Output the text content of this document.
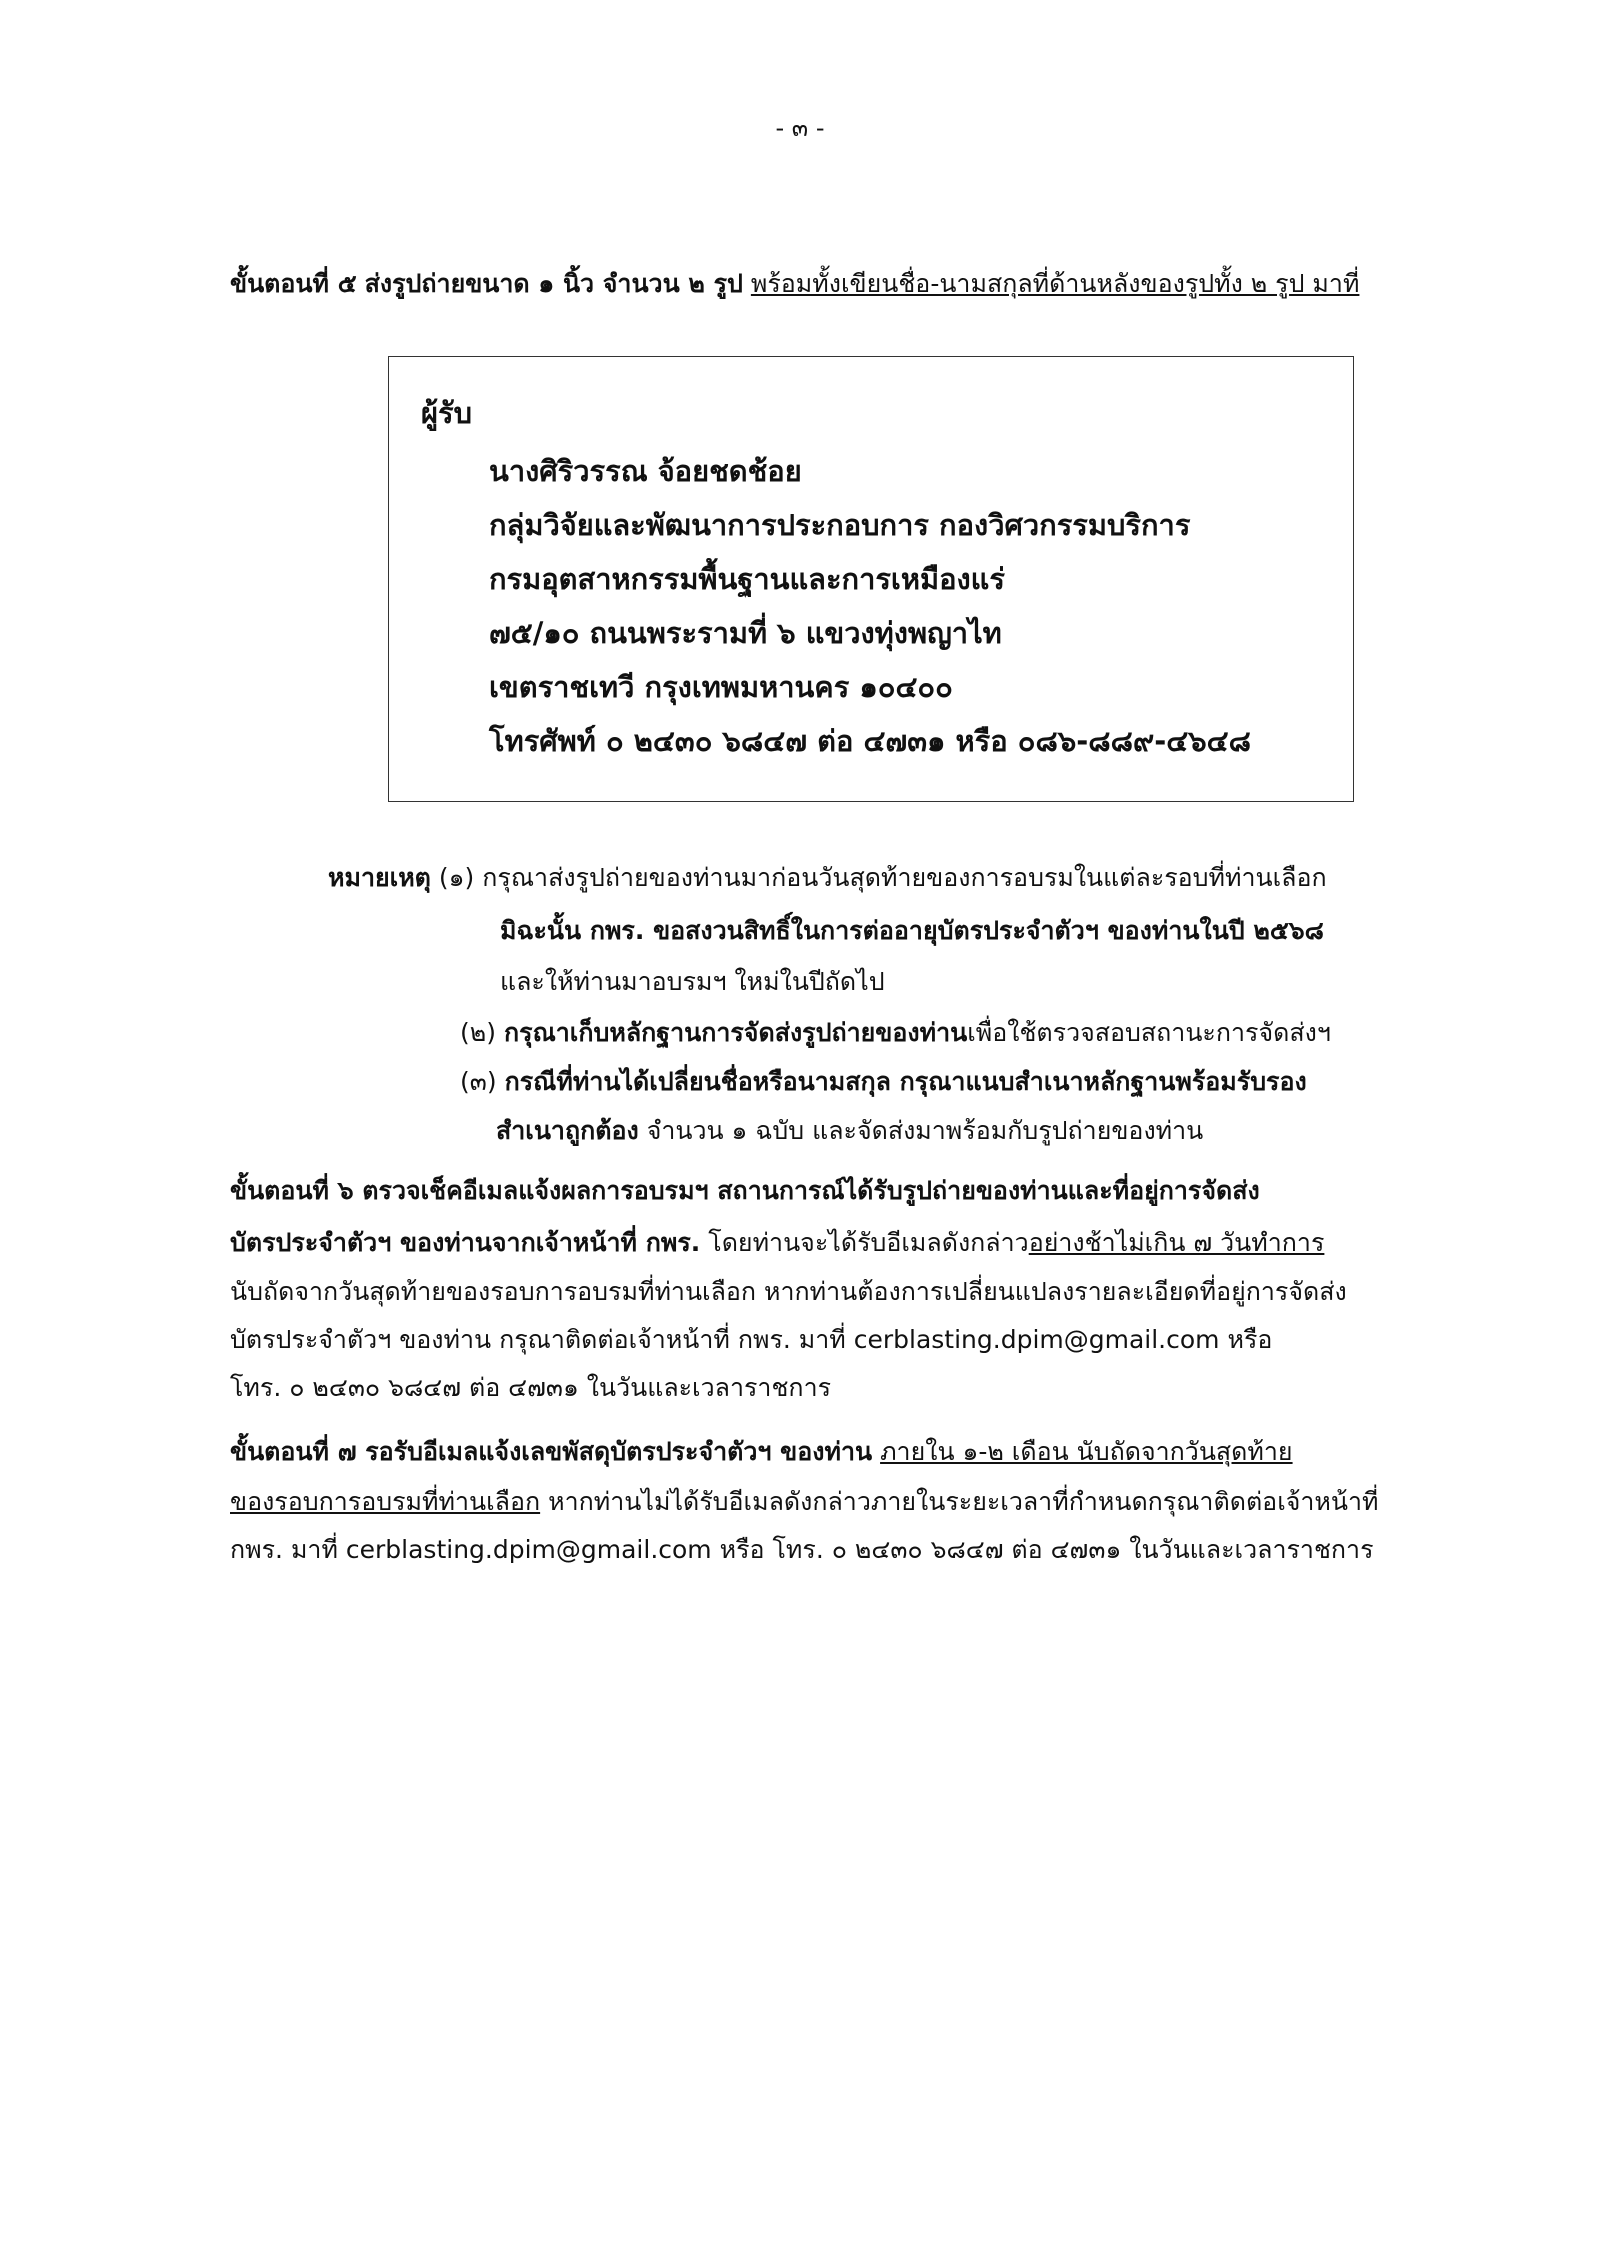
- ๓ -
ขั้นตอนที่ ๕ ส่งรูปถ่ายขนาด ๑ นิ้ว จำนวน ๒ รูป พร้อมทั้งเขียนชื่อ-นามสกุลที่ด้านหลังของรูปทั้ง ๒ รูป มาที่
ผู้รับ
นางศิริวรรณ จ้อยชดช้อย
กลุ่มวิจัยและพัฒนาการประกอบการ กองวิศวกรรมบริการ
กรมอุตสาหกรรมพื้นฐานและการเหมืองแร่
๗๕/๑๐ ถนนพระรามที่ ๖ แขวงทุ่งพญาไท
เขตราชเทวี กรุงเทพมหานคร ๑๐๔๐๐
โทรศัพท์ ๐ ๒๔๓๐ ๖๘๔๗ ต่อ ๔๗๓๑ หรือ ๐๘๖-๘๘๙-๔๖๔๘
หมายเหตุ (๑) กรุณาส่งรูปถ่ายของท่านมาก่อนวันสุดท้ายของการอบรมในแต่ละรอบที่ท่านเลือก
มิฉะนั้น กพร. ขอสงวนสิทธิ์ในการต่ออายุบัตรประจำตัวฯ ของท่านในปี ๒๕๖๘
และให้ท่านมาอบรมฯ ใหม่ในปีถัดไป
(๒) กรุณาเก็บหลักฐานการจัดส่งรูปถ่ายของท่านเพื่อใช้ตรวจสอบสถานะการจัดส่งฯ
(๓) กรณีที่ท่านได้เปลี่ยนชื่อหรือนามสกุล กรุณาแนบสำเนาหลักฐานพร้อมรับรอง
สำเนาถูกต้อง จำนวน ๑ ฉบับ และจัดส่งมาพร้อมกับรูปถ่ายของท่าน
ขั้นตอนที่ ๖ ตรวจเช็คอีเมลแจ้งผลการอบรมฯ สถานการณ์ได้รับรูปถ่ายของท่านและที่อยู่การจัดส่ง
บัตรประจำตัวฯ ของท่านจากเจ้าหน้าที่ กพร. โดยท่านจะได้รับอีเมลดังกล่าวอย่างช้าไม่เกิน ๗ วันทำการ
นับถัดจากวันสุดท้ายของรอบการอบรมที่ท่านเลือก หากท่านต้องการเปลี่ยนแปลงรายละเอียดที่อยู่การจัดส่ง
บัตรประจำตัวฯ ของท่าน กรุณาติดต่อเจ้าหน้าที่ กพร. มาที่ cerblasting.dpim@gmail.com หรือ
โทร. ๐ ๒๔๓๐ ๖๘๔๗ ต่อ ๔๗๓๑ ในวันและเวลาราชการ
ขั้นตอนที่ ๗ รอรับอีเมลแจ้งเลขพัสดุบัตรประจำตัวฯ ของท่าน ภายใน ๑-๒ เดือน นับถัดจากวันสุดท้าย
ของรอบการอบรมที่ท่านเลือก หากท่านไม่ได้รับอีเมลดังกล่าวภายในระยะเวลาที่กำหนดกรุณาติดต่อเจ้าหน้าที่
กพร. มาที่ cerblasting.dpim@gmail.com หรือ โทร. ๐ ๒๔๓๐ ๖๘๔๗ ต่อ ๔๗๓๑ ในวันและเวลาราชการ
